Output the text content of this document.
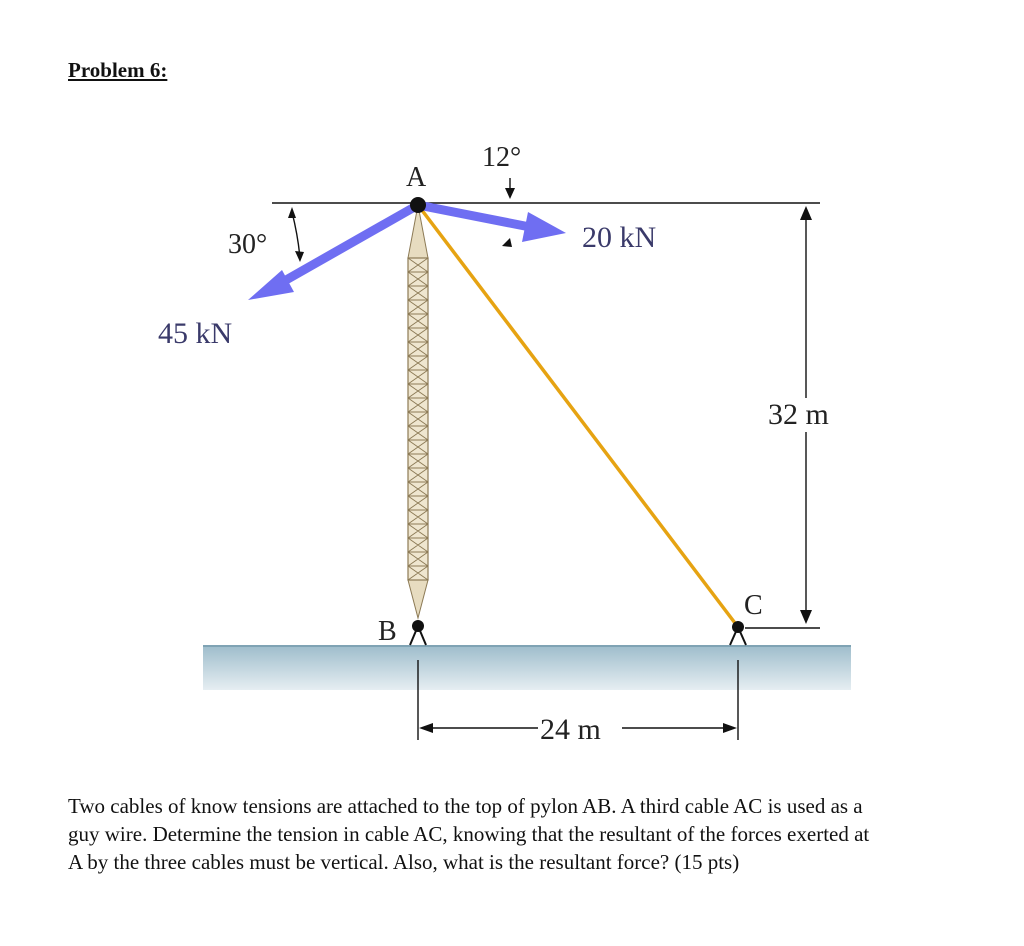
Problem 6:
A
B
C
30°
12°
45 kN
20 kN
32 m
24 m

Two cables of know tensions are attached to the top of pylon AB. A third cable AC is used as a

guy wire. Determine the tension in cable AC, knowing that the resultant of the forces exerted at

A by the three cables must be vertical. Also, what is the resultant force? (15 pts)
